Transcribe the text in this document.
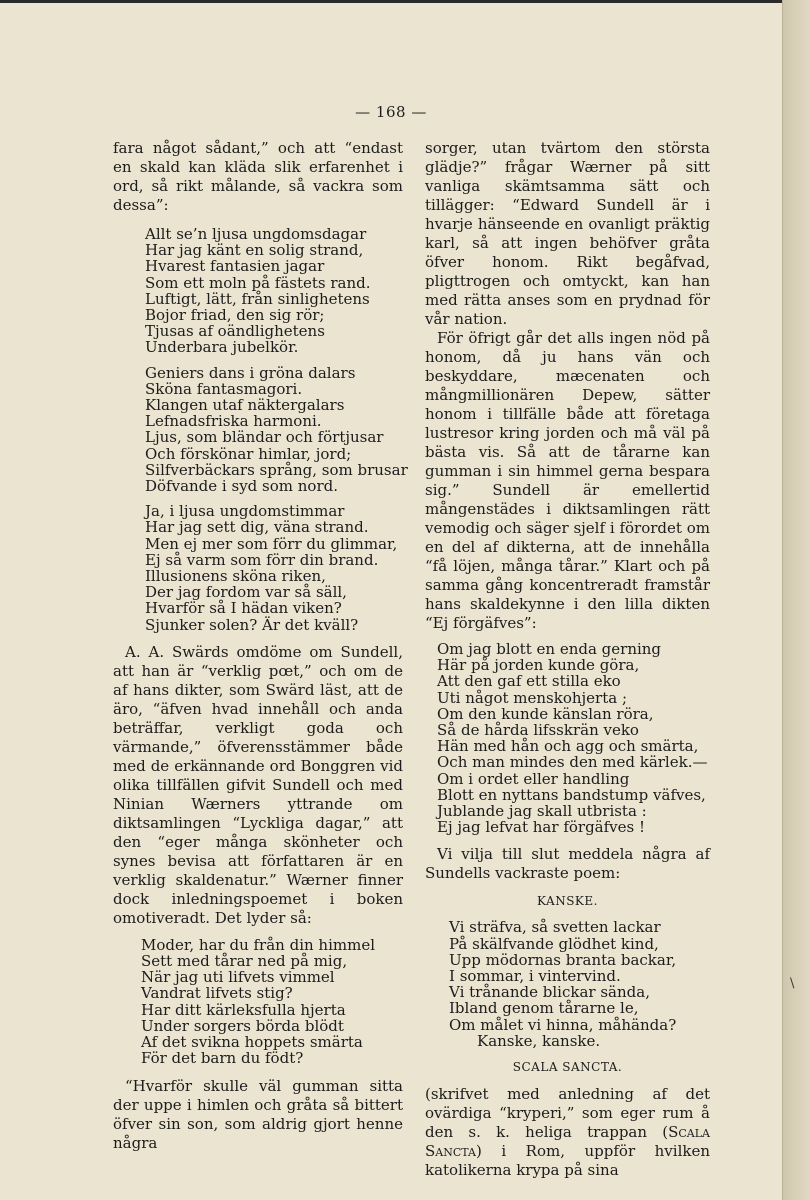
— 168 —

fara något sådant,” och att “endast en skald kan kläda slik erfarenhet i ord, så rikt målande, så vackra som dessa”:

Allt se’n ljusa ungdomsdagar
Har jag känt en solig strand,
Hvarest fantasien jagar
Som ett moln på fästets rand.
Luftigt, lätt, från sinlighetens
Bojor friad, den sig rör;
Tjusas af oändlighetens
Underbara jubelkör.
Geniers dans i gröna dalars
Sköna fantasmagori.
Klangen utaf näktergalars
Lefnadsfriska harmoni.
Ljus, som bländar och förtjusar
Och förskönar himlar, jord;
Silfverbäckars språng, som brusar
Döfvande i syd som nord.
Ja, i ljusa ungdomstimmar
Har jag sett dig, väna strand.
Men ej mer som förr du glimmar,
Ej så varm som förr din brand.
Illusionens sköna riken,
Der jag fordom var så säll,
Hvarför så I hädan viken?
Sjunker solen? Är det kväll?

A. A. Swärds omdöme om Sundell, att han är “verklig pœt,” och om de af hans dikter, som Swärd läst, att de äro, “äfven hvad innehåll och anda beträffar, verkligt goda och värmande,” öfverensstämmer både med de erkännande ord Bonggren vid olika tillfällen gifvit Sundell och med Ninian Wærners yttrande om diktsamlingen “Lyckliga dagar,” att den “eger många skönheter och synes bevisa att författaren är en verklig skaldenatur.” Wærner finner dock inledningspoemet i boken omotiveradt. Det lyder så:

Moder, har du från din himmel
Sett med tårar ned på mig,
När jag uti lifvets vimmel
Vandrat lifvets stig?
Har ditt kärleksfulla hjerta
Under sorgers börda blödt
Af det svikna hoppets smärta
För det barn du födt?

“Hvarför skulle väl gumman sitta der uppe i himlen och gråta så bittert öfver sin son, som aldrig gjort henne några

sorger, utan tvärtom den största glädje?” frågar Wærner på sitt vanliga skämtsamma sätt och tillägger: “Edward Sundell är i hvarje hänseende en ovanligt präktig karl, så att ingen behöfver gråta öfver honom. Rikt begåfvad, pligttrogen och omtyckt, kan han med rätta anses som en prydnad för vår nation.

För öfrigt går det alls ingen nöd på honom, då ju hans vän och beskyddare, mæcenaten och mångmillionären Depew, sätter honom i tillfälle både att företaga lustresor kring jorden och må väl på bästa vis. Så att de tårarne kan gumman i sin himmel gerna bespara sig.” Sundell är emellertid mångenstädes i diktsamlingen rätt vemodig och säger sjelf i förordet om en del af dikterna, att de innehålla “få löjen, många tårar.” Klart och på samma gång koncentreradt framstår hans skaldekynne i den lilla dikten “Ej förgäfves”:

Om jag blott en enda gerning
Här på jorden kunde göra,
Att den gaf ett stilla eko
Uti något menskohjerta ;
Om den kunde känslan röra,
Så de hårda lifsskrän veko
Hän med hån och agg och smärta,
Och man mindes den med kärlek.—
Om i ordet eller handling
Blott en nyttans bandstump väfves,
Jublande jag skall utbrista :
Ej jag lefvat har förgäfves !

Vi vilja till slut meddela några af Sundells vackraste poem:

KANSKE.

Vi sträfva, så svetten lackar
På skälfvande glödhet kind,
Upp mödornas branta backar,
I sommar, i vintervind.
Vi trånande blickar sända,
Ibland genom tårarne le,
Om målet vi hinna, måhända?
Kanske, kanske.

SCALA SANCTA.

(skrifvet med anledning af det ovärdiga “kryperi,” som eger rum å den s. k. heliga trappan (Scala Sancta) i Rom, uppför hvilken katolikerna krypa på sina

\
